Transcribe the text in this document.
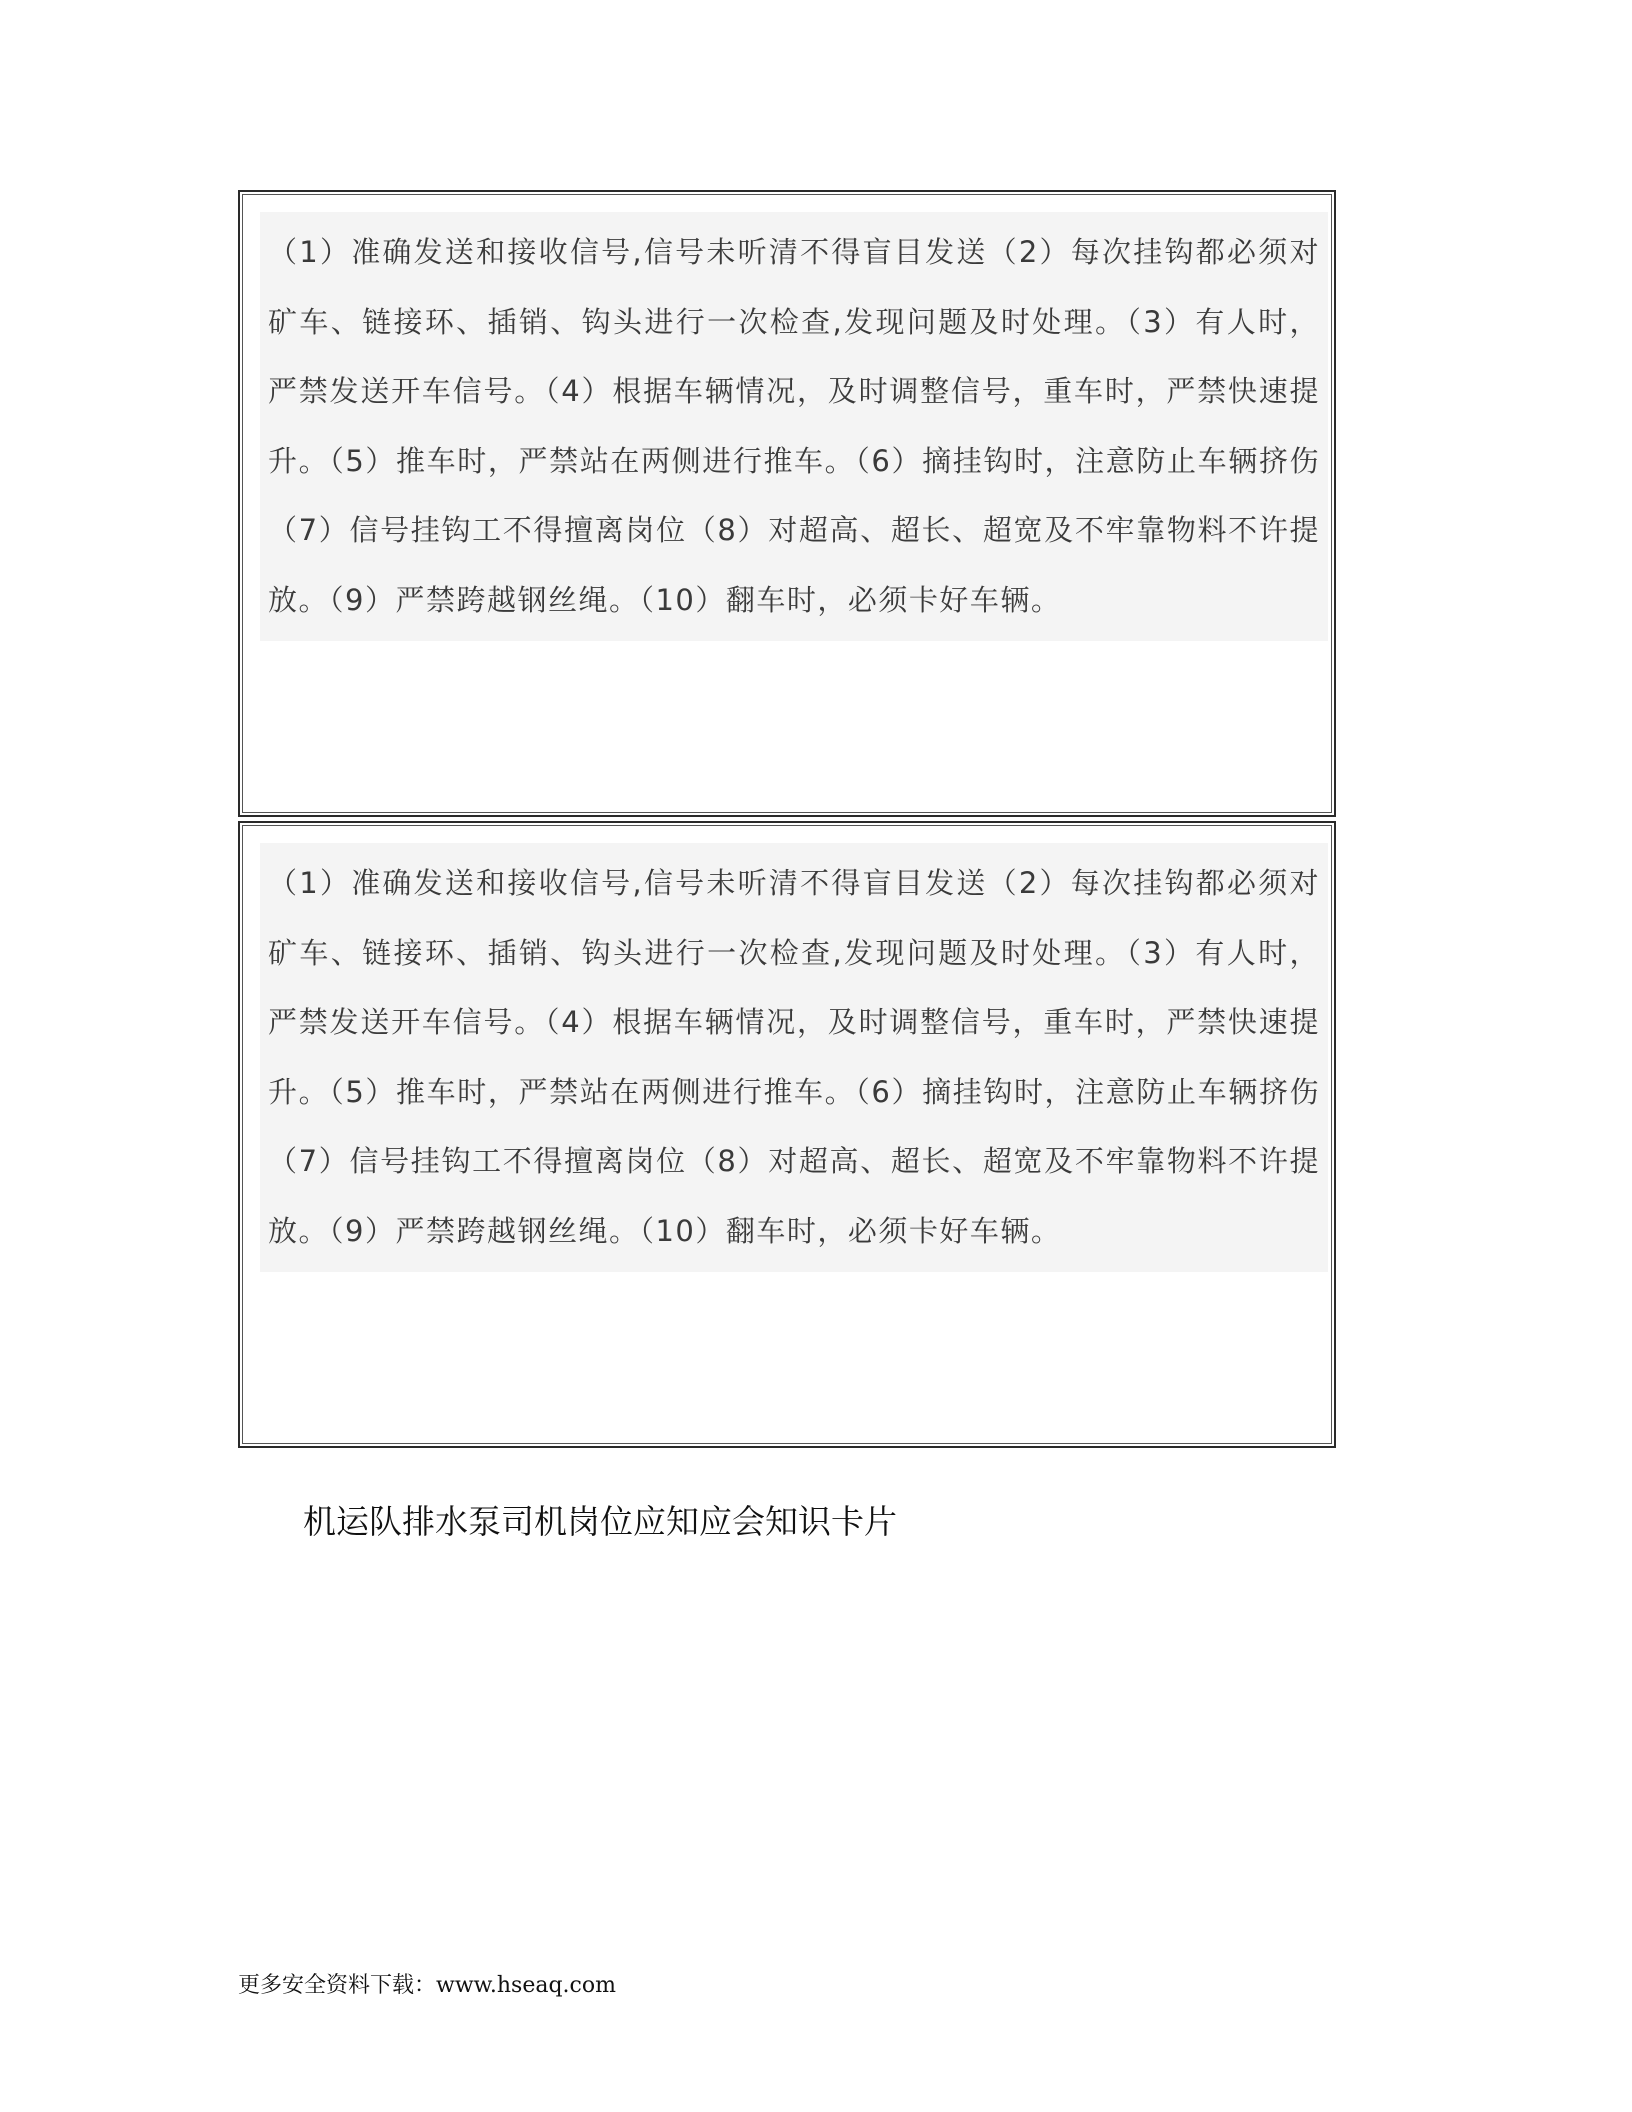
（1）准确发送和接收信号,信号未听清不得盲目发送（2）每次挂钩都必须对矿车、链接环、插销、钩头进行一次检查,发现问题及时处理。（3）有人时，严禁发送开车信号。（4）根据车辆情况，及时调整信号，重车时，严禁快速提升。（5）推车时，严禁站在两侧进行推车。（6）摘挂钩时，注意防止车辆挤伤（7）信号挂钩工不得擅离岗位（8）对超高、超长、超宽及不牢靠物料不许提放。（9）严禁跨越钢丝绳。（10）翻车时，必须卡好车辆。

（1）准确发送和接收信号,信号未听清不得盲目发送（2）每次挂钩都必须对矿车、链接环、插销、钩头进行一次检查,发现问题及时处理。（3）有人时，严禁发送开车信号。（4）根据车辆情况，及时调整信号，重车时，严禁快速提升。（5）推车时，严禁站在两侧进行推车。（6）摘挂钩时，注意防止车辆挤伤（7）信号挂钩工不得擅离岗位（8）对超高、超长、超宽及不牢靠物料不许提放。（9）严禁跨越钢丝绳。（10）翻车时，必须卡好车辆。

机运队排水泵司机岗位应知应会知识卡片

更多安全资料下载：www.hseaq.com
